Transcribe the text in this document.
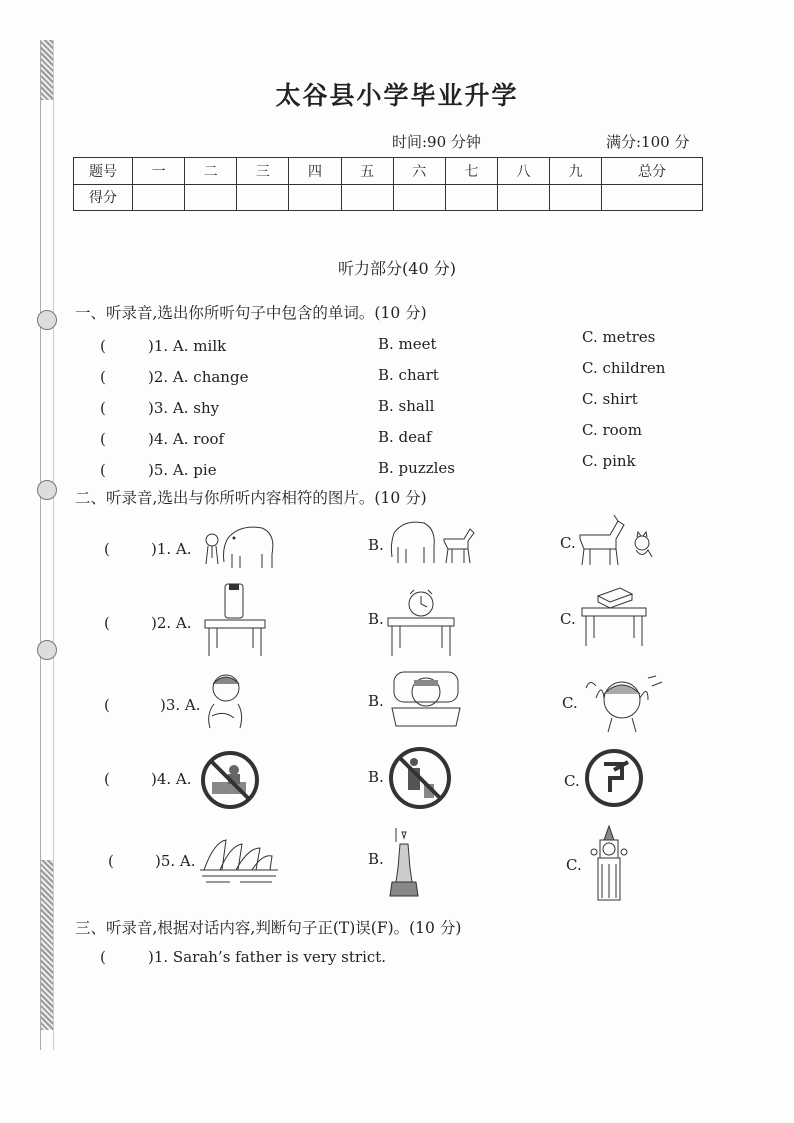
太谷县小学毕业升学
时间:90 分钟	满分:100 分
题号	一	二	三	四	五	六	七	八	九	总分
得分										
听力部分(40 分)
一、听录音,选出你所听句子中包含的单词。(10 分)
(	)1. A. milk	B. meet	C. metres
(	)2. A. change	B. chart	C. children
(	)3. A. shy	B. shall	C. shirt
(	)4. A. roof	B. deaf	C. room
(	)5. A. pie	B. puzzles	C. pink
二、听录音,选出与你所听内容相符的图片。(10 分)
(	)1. A.	B.	C.
(	)2. A.	B.	C.
(	)3. A.	B.	C.
(	)4. A.	B.	C.
(	)5. A.	B.	C.
三、听录音,根据对话内容,判断句子正(T)误(F)。(10 分)
(	)1. Sarah’s father is very strict.
